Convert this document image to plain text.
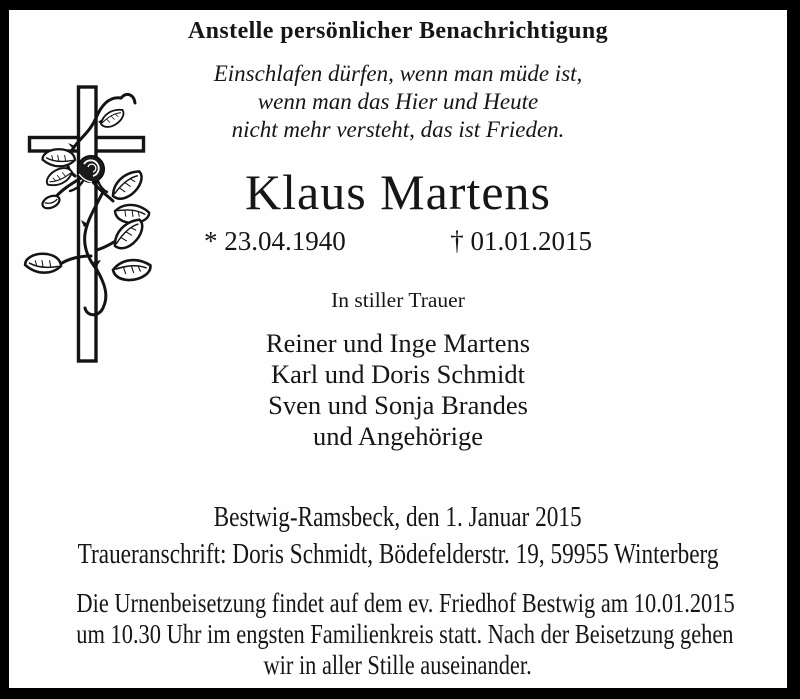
Anstelle persönlicher Benachrichtigung
Einschlafen dürfen, wenn man müde ist,
wenn man das Hier und Heute
nicht mehr versteht, das ist Frieden.
Klaus Martens
* 23.04.1940	† 01.01.2015
In stiller Trauer
Reiner und Inge Martens
Karl und Doris Schmidt
Sven und Sonja Brandes
und Angehörige
Bestwig-Ramsbeck, den 1. Januar 2015
Traueranschrift: Doris Schmidt, Bödefelderstr. 19, 59955 Winterberg
Die Urnenbeisetzung findet auf dem ev. Friedhof Bestwig am 10.01.2015
um 10.30 Uhr im engsten Familienkreis statt. Nach der Beisetzung gehen
wir in aller Stille auseinander.
